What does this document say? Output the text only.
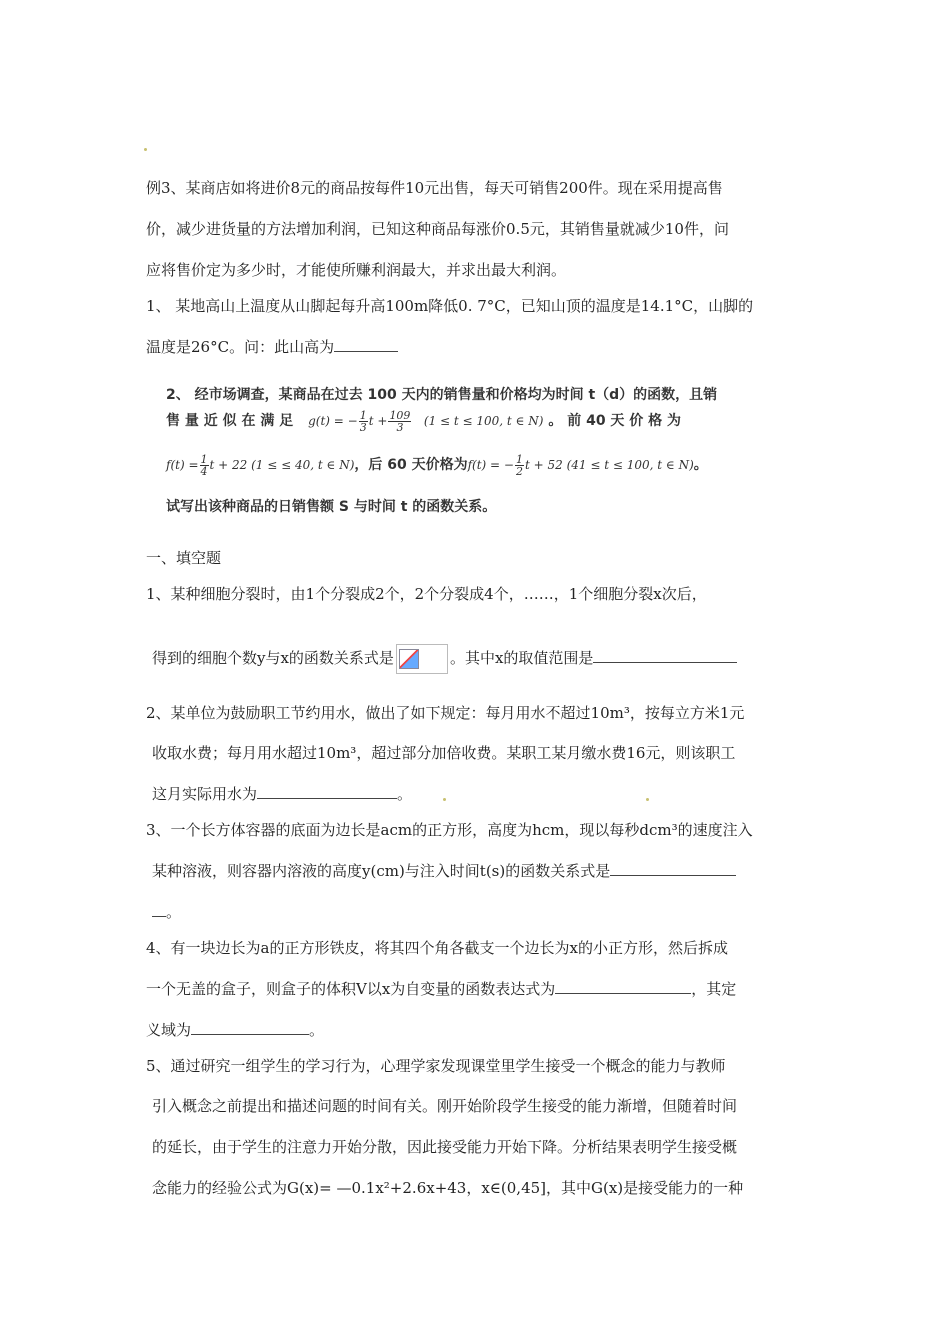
例3、某商店如将进价8元的商品按每件10元出售，每天可销售200件。现在采用提高售
价，减少进货量的方法增加利润，已知这种商品每涨价0.5元，其销售量就减少10件，问
应将售价定为多少时，才能使所赚利润最大，并求出最大利润。
1、 某地高山上温度从山脚起每升高100m降低0. 7°C，已知山顶的温度是14.1°C，山脚的
温度是26°C。问：此山高为
2、 经市场调查，某商品在过去 100 天内的销售量和价格均为时间 t（d）的函数，且销
售 量 近 似 在 满 足 g(t) = − $\frac{1}{3}$ $t + \frac{109}{3} (1 \le t \le 100$, t ∈ N) 。 前 40 天 价 格 为
$f(t) = \frac{1}{4}$ t + 22 (1 ≤ ≤ 40, t ∈ N)，后 60 天价格为f(t) = − $\frac{1}{2}$ t + 52 (41 ≤ t ≤ 100, t ∈ N)。
试写出该种商品的日销售额 S 与时间 t 的函数关系。
一、填空题
1、某种细胞分裂时，由1个分裂成2个，2个分裂成4个，……，1个细胞分裂x次后，
得到的细胞个数y与x的函数关系式是	。其中x的取值范围是
2、某单位为鼓励职工节约用水，做出了如下规定：每月用水不超过10m³，按每立方米1元
收取水费；每月用水超过10m³，超过部分加倍收费。某职工某月缴水费16元，则该职工
这月实际用水为	。
3、一个长方体容器的底面为边长是acm的正方形，高度为hcm，现以每秒dcm³的速度注入
某种溶液，则容器内溶液的高度y(cm)与注入时间t(s)的函数关系式是
。
4、有一块边长为a的正方形铁皮，将其四个角各截支一个边长为x的小正方形，然后拆成
一个无盖的盒子，则盒子的体积V以x为自变量的函数表达式为	，其定
义域为	。
5、通过研究一组学生的学习行为，心理学家发现课堂里学生接受一个概念的能力与教师
引入概念之前提出和描述问题的时间有关。刚开始阶段学生接受的能力渐增，但随着时间
的延长，由于学生的注意力开始分散，因此接受能力开始下降。分析结果表明学生接受概
念能力的经验公式为G(x)= —0.1x²+2.6x+43，x∈(0,45]，其中G(x)是接受能力的一种
